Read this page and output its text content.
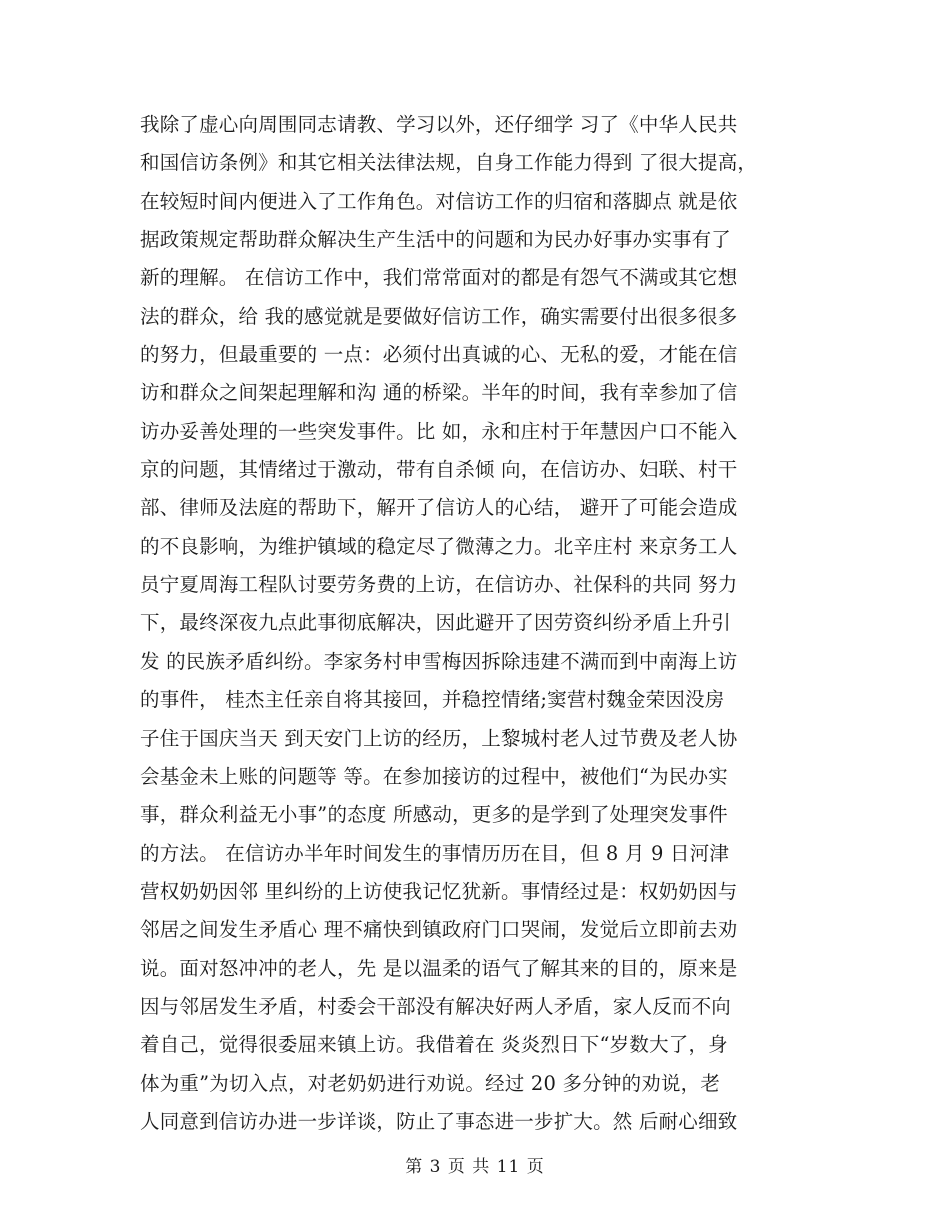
我除了虚心向周围同志请教、学习以外，还仔细学 习了《中华人民共
和国信访条例》和其它相关法律法规，自身工作能力得到 了很大提高，
在较短时间内便进入了工作角色。对信访工作的归宿和落脚点 就是依
据政策规定帮助群众解决生产生活中的问题和为民办好事办实事有了
新的理解。 在信访工作中，我们常常面对的都是有怨气不满或其它想
法的群众，给 我的感觉就是要做好信访工作，确实需要付出很多很多
的努力，但最重要的 一点：必须付出真诚的心、无私的爱，才能在信
访和群众之间架起理解和沟 通的桥梁。半年的时间，我有幸参加了信
访办妥善处理的一些突发事件。比 如，永和庄村于年慧因户口不能入
京的问题，其情绪过于激动，带有自杀倾 向，在信访办、妇联、村干
部、律师及法庭的帮助下，解开了信访人的心结， 避开了可能会造成
的不良影响，为维护镇域的稳定尽了微薄之力。北辛庄村 来京务工人
员宁夏周海工程队讨要劳务费的上访，在信访办、社保科的共同 努力
下，最终深夜九点此事彻底解决，因此避开了因劳资纠纷矛盾上升引
发 的民族矛盾纠纷。李家务村申雪梅因拆除违建不满而到中南海上访
的事件， 桂杰主任亲自将其接回，并稳控情绪;窦营村魏金荣因没房
子住于国庆当天 到天安门上访的经历，上黎城村老人过节费及老人协
会基金未上账的问题等 等。在参加接访的过程中，被他们“为民办实
事，群众利益无小事”的态度 所感动，更多的是学到了处理突发事件
的方法。 在信访办半年时间发生的事情历历在目，但 8 月 9 日河津
营权奶奶因邻 里纠纷的上访使我记忆犹新。事情经过是：权奶奶因与
邻居之间发生矛盾心 理不痛快到镇政府门口哭闹，发觉后立即前去劝
说。面对怒冲冲的老人，先 是以温柔的语气了解其来的目的，原来是
因与邻居发生矛盾，村委会干部没有解决好两人矛盾，家人反而不向
着自己，觉得很委屈来镇上访。我借着在 炎炎烈日下“岁数大了，身
体为重”为切入点，对老奶奶进行劝说。经过 20 多分钟的劝说，老
人同意到信访办进一步详谈，防止了事态进一步扩大。然 后耐心细致
第 3 页 共 11 页
